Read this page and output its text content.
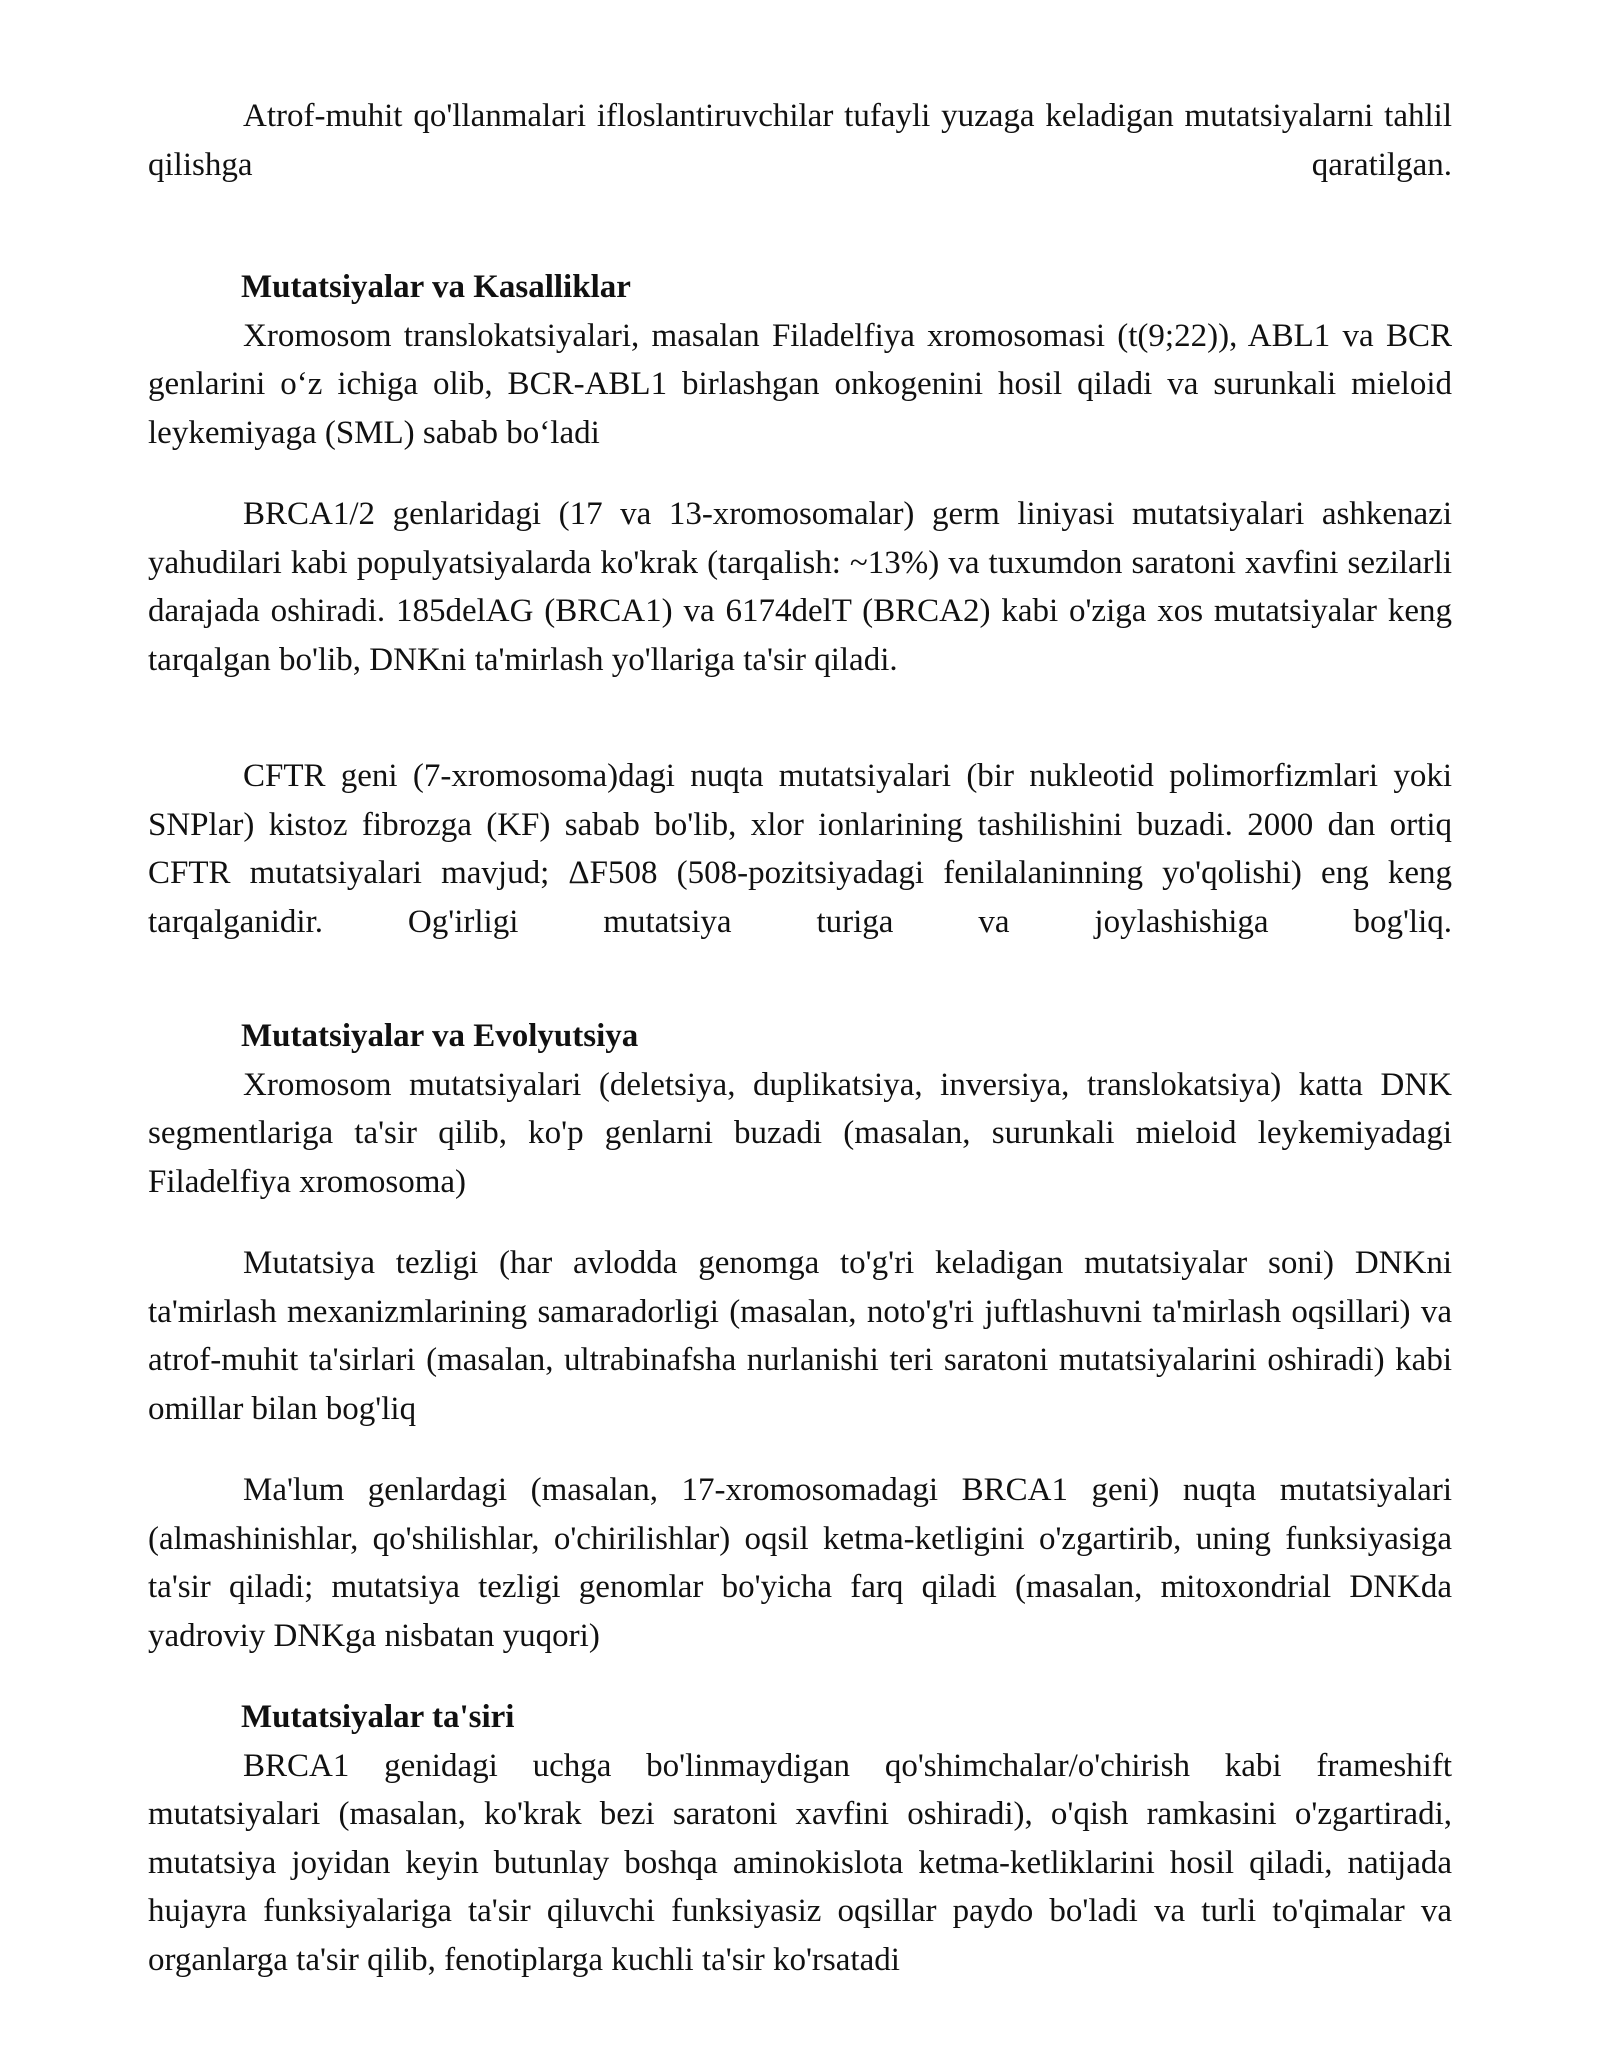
Atrof-muhit qo'llanmalari ifloslantiruvchilar tufayli yuzaga keladigan mutatsiyalarni tahlil qilishga qaratilgan.

Mutatsiyalar va Kasalliklar

Xromosom translokatsiyalari, masalan Filadelfiya xromosomasi (t(9;22)), ABL1 va BCR genlarini o‘z ichiga olib, BCR-ABL1 birlashgan onkogenini hosil qiladi va surunkali mieloid leykemiyaga (SML) sabab bo‘ladi

BRCA1/2 genlaridagi (17 va 13-xromosomalar) germ liniyasi mutatsiyalari ashkenazi yahudilari kabi populyatsiyalarda ko'krak (tarqalish: ~13%) va tuxumdon saratoni xavfini sezilarli darajada oshiradi. 185delAG (BRCA1) va 6174delT (BRCA2) kabi o'ziga xos mutatsiyalar keng tarqalgan bo'lib, DNKni ta'mirlash yo'llariga ta'sir qiladi.

CFTR geni (7-xromosoma)dagi nuqta mutatsiyalari (bir nukleotid polimorfizmlari yoki SNPlar) kistoz fibrozga (KF) sabab bo'lib, xlor ionlarining tashilishini buzadi. 2000 dan ortiq CFTR mutatsiyalari mavjud; ΔF508 (508-pozitsiyadagi fenilalaninning yo'qolishi) eng keng tarqalganidir. Og'irligi mutatsiya turiga va joylashishiga bog'liq.

Mutatsiyalar va Evolyutsiya

Xromosom mutatsiyalari (deletsiya, duplikatsiya, inversiya, translokatsiya) katta DNK segmentlariga ta'sir qilib, ko'p genlarni buzadi (masalan, surunkali mieloid leykemiyadagi Filadelfiya xromosoma)

Mutatsiya tezligi (har avlodda genomga to'g'ri keladigan mutatsiyalar soni) DNKni ta'mirlash mexanizmlarining samaradorligi (masalan, noto'g'ri juftlashuvni ta'mirlash oqsillari) va atrof-muhit ta'sirlari (masalan, ultrabinafsha nurlanishi teri saratoni mutatsiyalarini oshiradi) kabi omillar bilan bog'liq

Ma'lum genlardagi (masalan, 17-xromosomadagi BRCA1 geni) nuqta mutatsiyalari (almashinishlar, qo'shilishlar, o'chirilishlar) oqsil ketma-ketligini o'zgartirib, uning funksiyasiga ta'sir qiladi; mutatsiya tezligi genomlar bo'yicha farq qiladi (masalan, mitoxondrial DNKda yadroviy DNKga nisbatan yuqori)

Mutatsiyalar ta'siri

BRCA1 genidagi uchga bo'linmaydigan qo'shimchalar/o'chirish kabi frameshift mutatsiyalari (masalan, ko'krak bezi saratoni xavfini oshiradi), o'qish ramkasini o'zgartiradi, mutatsiya joyidan keyin butunlay boshqa aminokislota ketma-ketliklarini hosil qiladi, natijada hujayra funksiyalariga ta'sir qiluvchi funksiyasiz oqsillar paydo bo'ladi va turli to'qimalar va organlarga ta'sir qilib, fenotiplarga kuchli ta'sir ko'rsatadi
